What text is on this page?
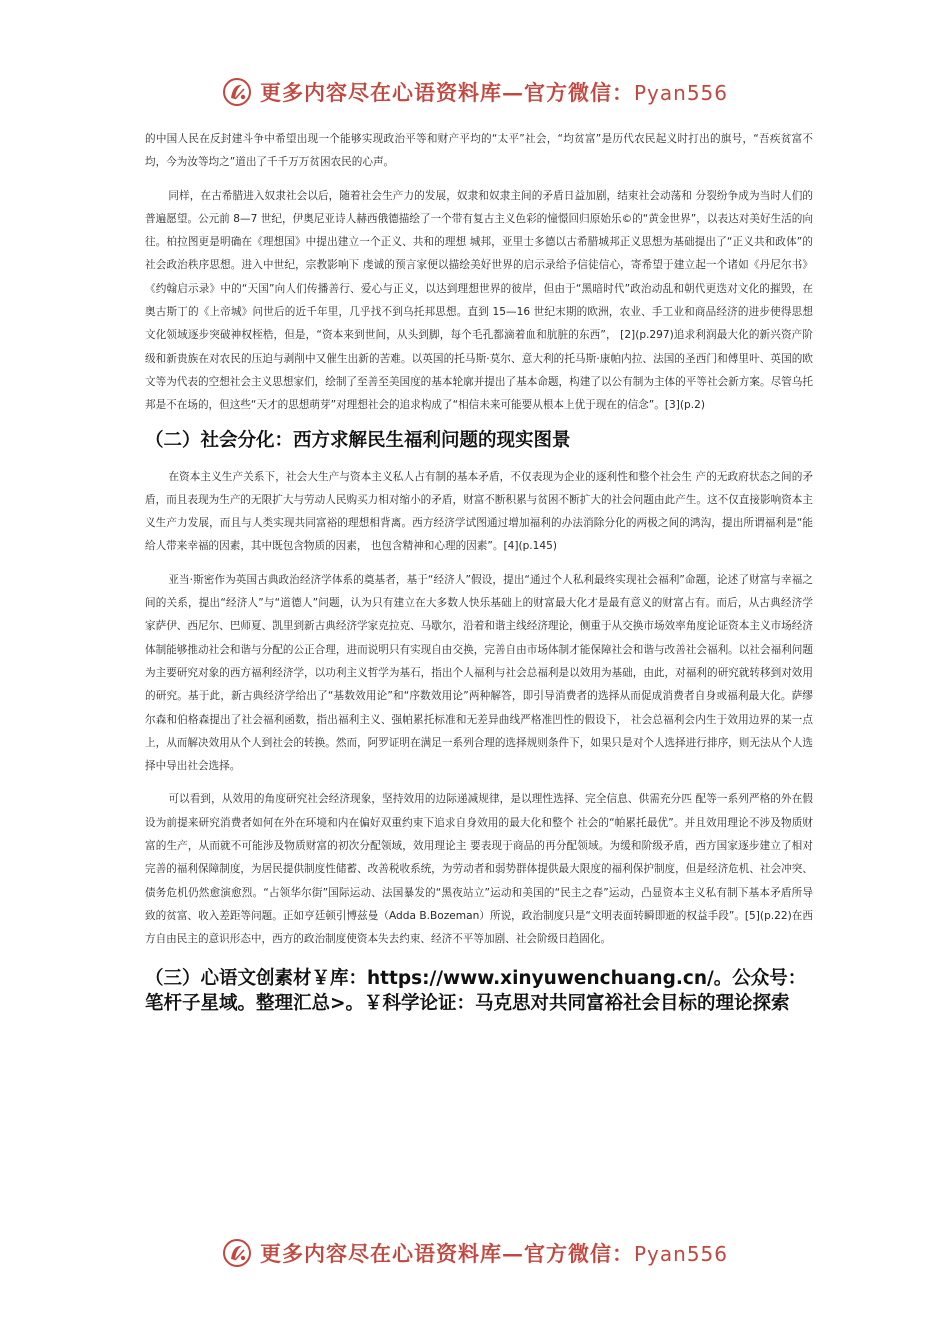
更多内容尽在心语资料库—官方微信：Pyan556

的中国人民在反封建斗争中希望出现一个能够实现政治平等和财产平均的“太平”社会，“均贫富”是历代农民起义时打出的旗号，“吾疾贫富不均，今为汝等均之”道出了千千万万贫困农民的心声。

同样，在古希腊进入奴隶社会以后，随着社会生产力的发展，奴隶和奴隶主间的矛盾日益加剧，结束社会动荡和 分裂纷争成为当时人们的普遍愿望。公元前 8—7 世纪，伊奥尼亚诗人赫西俄德描绘了一个带有复古主义色彩的憧憬回归原始乐©的“黄金世界”，以表达对美好生活的向往。柏拉图更是明确在《理想国》中提出建立一个正义、共和的理想 城邦，亚里士多德以古希腊城邦正义思想为基础提出了“正义共和政体”的社会政治秩序思想。进入中世纪，宗教影响下 虔诚的预言家便以描绘美好世界的启示录给予信徒信心，寄希望于建立起一个诸如《丹尼尔书》《约翰启示录》中的“天国”向人们传播善行、爱心与正义，以达到理想世界的彼岸，但由于“黑暗时代”政治动乱和朝代更迭对文化的摧毁，在奥古斯丁的《上帝城》问世后的近千年里，几乎找不到乌托邦思想。直到 15—16 世纪末期的欧洲，农业、手工业和商品经济的进步使得思想文化领域逐步突破神权桎梏，但是，“资本来到世间，从头到脚，每个毛孔都滴着血和肮脏的东西”， [2](p.297)追求利润最大化的新兴资产阶级和新贵族在对农民的压迫与剥削中又催生出新的苦难。以英国的托马斯·莫尔、意大利的托马斯·康帕内拉、法国的圣西门和傅里叶、英国的欧文等为代表的空想社会主义思想家们，绘制了至善至美国度的基本轮廓并提出了基本命题，构建了以公有制为主体的平等社会新方案。尽管乌托邦是不在场的，但这些“天才的思想萌芽”对理想社会的追求构成了“相信未来可能要从根本上优于现在的信念”。[3](p.2)

（二）社会分化：西方求解民生福利问题的现实图景

在资本主义生产关系下，社会大生产与资本主义私人占有制的基本矛盾，不仅表现为企业的逐利性和整个社会生 产的无政府状态之间的矛盾，而且表现为生产的无限扩大与劳动人民购买力相对缩小的矛盾，财富不断积累与贫困不断扩大的社会问题由此产生。这不仅直接影响资本主义生产力发展，而且与人类实现共同富裕的理想相背离。西方经济学试图通过增加福利的办法消除分化的两极之间的鸿沟，提出所谓福利是“能给人带来幸福的因素，其中既包含物质的因素， 也包含精神和心理的因素”。[4](p.145)

亚当·斯密作为英国古典政治经济学体系的奠基者，基于“经济人”假设，提出“通过个人私利最终实现社会福利”命题，论述了财富与幸福之间的关系，提出“经济人”与“道德人”问题，认为只有建立在大多数人快乐基础上的财富最大化才是最有意义的财富占有。而后，从古典经济学家萨伊、西尼尔、巴师夏、凯里到新古典经济学家克拉克、马歇尔，沿着和谐主线经济理论，侧重于从交换市场效率角度论证资本主义市场经济体制能够推动社会和谐与分配的公正合理，进而说明只有实现自由交换，完善自由市场体制才能保障社会和谐与改善社会福利。以社会福利问题为主要研究对象的西方福利经济学，以功利主义哲学为基石，指出个人福利与社会总福利是以效用为基础，由此，对福利的研究就转移到对效用的研究。基于此，新古典经济学给出了“基数效用论”和“序数效用论”两种解答，即引导消费者的选择从而促成消费者自身或福利最大化。萨缪尔森和伯格森提出了社会福利函数，指出福利主义、强帕累托标准和无差异曲线严格准凹性的假设下， 社会总福利会内生于效用边界的某一点上，从而解决效用从个人到社会的转换。然而，阿罗证明在满足一系列合理的选择规则条件下，如果只是对个人选择进行排序，则无法从个人选择中导出社会选择。

可以看到，从效用的角度研究社会经济现象，坚持效用的边际递减规律，是以理性选择、完全信息、供需充分匹 配等一系列严格的外在假设为前提来研究消费者如何在外在环境和内在偏好双重约束下追求自身效用的最大化和整个 社会的“帕累托最优”。并且效用理论不涉及物质财富的生产，从而就不可能涉及物质财富的初次分配领域，效用理论主 要表现于商品的再分配领域。为缓和阶级矛盾，西方国家逐步建立了相对完善的福利保障制度，为居民提供制度性储蓄、改善税收系统，为劳动者和弱势群体提供最大限度的福利保护制度，但是经济危机、社会冲突、债务危机仍然愈演愈烈。“占领华尔街”国际运动、法国暴发的“黑夜站立”运动和美国的“民主之春”运动，凸显资本主义私有制下基本矛盾所导致的贫富、收入差距等问题。正如亨廷顿引博兹曼（Adda B.Bozeman）所说，政治制度只是“文明表面转瞬即逝的权益手段”。[5](p.22)在西方自由民主的意识形态中，西方的政治制度使资本失去约束、经济不平等加剧、社会阶级日趋固化。

（三）心语文创素材￥库：https://www.xinyuwenchuang.cn/。公众号：笔杆子星域。整理汇总>。￥科学论证：马克思对共同富裕社会目标的理论探索
更多内容尽在心语资料库—官方微信：Pyan556
